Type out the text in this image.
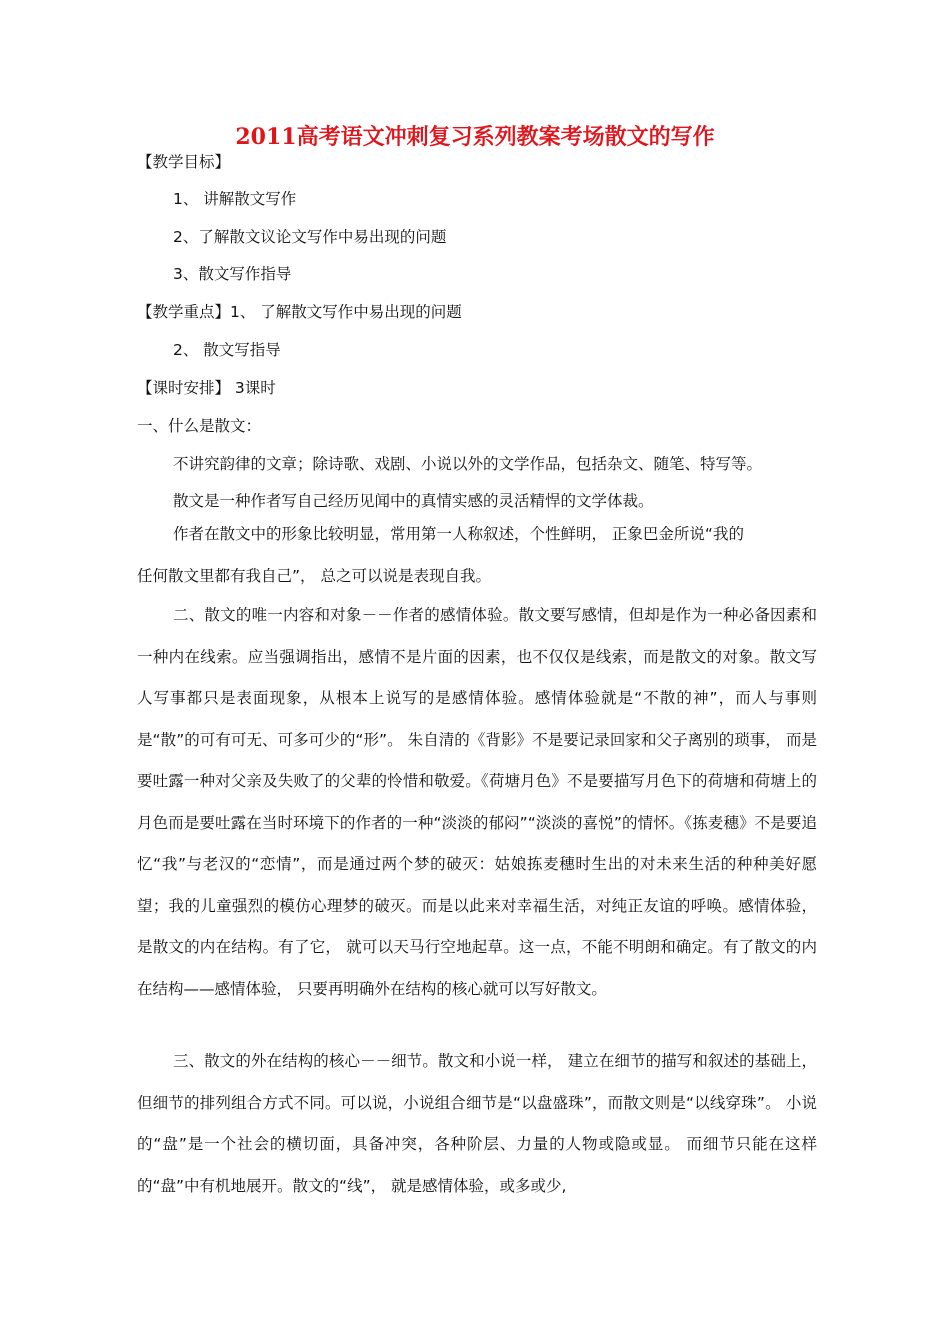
2011高考语文冲刺复习系列教案考场散文的写作
【教学目标】
1、 讲解散文写作
2、了解散文议论文写作中易出现的问题
3、散文写作指导
【教学重点】1、 了解散文写作中易出现的问题
2、 散文写指导
【课时安排】 3课时
一、什么是散文：
不讲究韵律的文章；除诗歌、戏剧、小说以外的文学作品，包括杂文、随笔、特写等。
散文是一种作者写自己经历见闻中的真情实感的灵活精悍的文学体裁。
作者在散文中的形象比较明显，常用第一人称叙述，个性鲜明， 正象巴金所说“我的
任何散文里都有我自己”， 总之可以说是表现自我。
二、散文的唯一内容和对象－－作者的感情体验。散文要写感情，但却是作为一种必备因素和一种内在线索。应当强调指出，感情不是片面的因素，也不仅仅是线索，而是散文的对象。散文写人写事都只是表面现象，从根本上说写的是感情体验。感情体验就是“不散的神”，而人与事则是“散”的可有可无、可多可少的“形”。 朱自清的《背影》不是要记录回家和父子离别的琐事， 而是要吐露一种对父亲及失败了的父辈的怜惜和敬爱。《荷塘月色》不是要描写月色下的荷塘和荷塘上的月色而是要吐露在当时环境下的作者的一种“淡淡的郁闷”“淡淡的喜悦”的情怀。《拣麦穗》不是要追忆“我”与老汉的“恋情”，而是通过两个梦的破灭：姑娘拣麦穗时生出的对未来生活的种种美好愿望；我的儿童强烈的模仿心理梦的破灭。而是以此来对幸福生活，对纯正友谊的呼唤。感情体验，是散文的内在结构。有了它， 就可以天马行空地起草。这一点，不能不明朗和确定。有了散文的内在结构——感情体验， 只要再明确外在结构的核心就可以写好散文。
三、散文的外在结构的核心－－细节。散文和小说一样， 建立在细节的描写和叙述的基础上，但细节的排列组合方式不同。可以说，小说组合细节是“以盘盛珠”，而散文则是“以线穿珠”。 小说的“盘”是一个社会的横切面，具备冲突，各种阶层、力量的人物或隐或显。 而细节只能在这样的“盘”中有机地展开。散文的“线”， 就是感情体验，或多或少,
